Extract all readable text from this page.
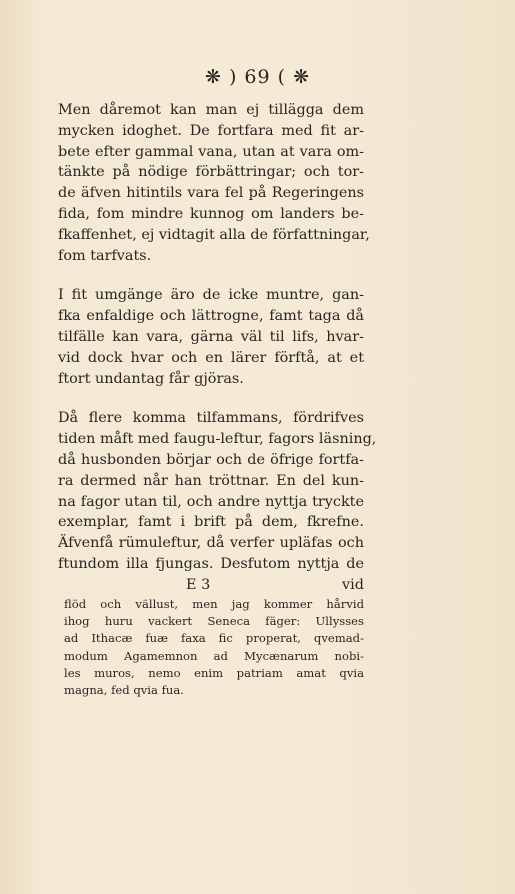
❋ ) 69 ( ❋
Men dåremot kan man ej tillägga dem
mycken idoghet. De fortfara med fit ar-
bete efter gammal vana, utan at vara om-
tänkte på nödige förbättringar; och tor-
de äfven hitintils vara fel på Regeringens
fida, fom mindre kunnog om landers be-
fkaffenhet, ej vidtagit alla de författningar,
fom tarfvats.
I fit umgänge äro de icke muntre, gan-
fka enfaldige och lättrogne, famt taga då
tilfälle kan vara, gärna väl til lifs, hvar-
vid dock hvar och en lärer förftå, at et
ftort undantag får gjöras.
Då flere komma tilfammans, fördrifves
tiden måft med faugu-leftur, fagors läsning,
då husbonden börjar och de öfrige fortfa-
ra dermed når han tröttnar. En del kun-
na fagor utan til, och andre nyttja tryckte
exemplar, famt i brift på dem, fkrefne.
Äfvenfå rümuleftur, då verfer upläfas och
ftundom illa fjungas. Desfutom nyttja de
E 3	vid
flöd och vällust, men jag kommer hårvid
ihog huru vackert Seneca fäger: Ullysses
ad Ithacæ fuæ faxa fic properat, qvemad-
modum Agamemnon ad Mycænarum nobi-
les muros, nemo enim patriam amat qvia
magna, fed qvia fua.
